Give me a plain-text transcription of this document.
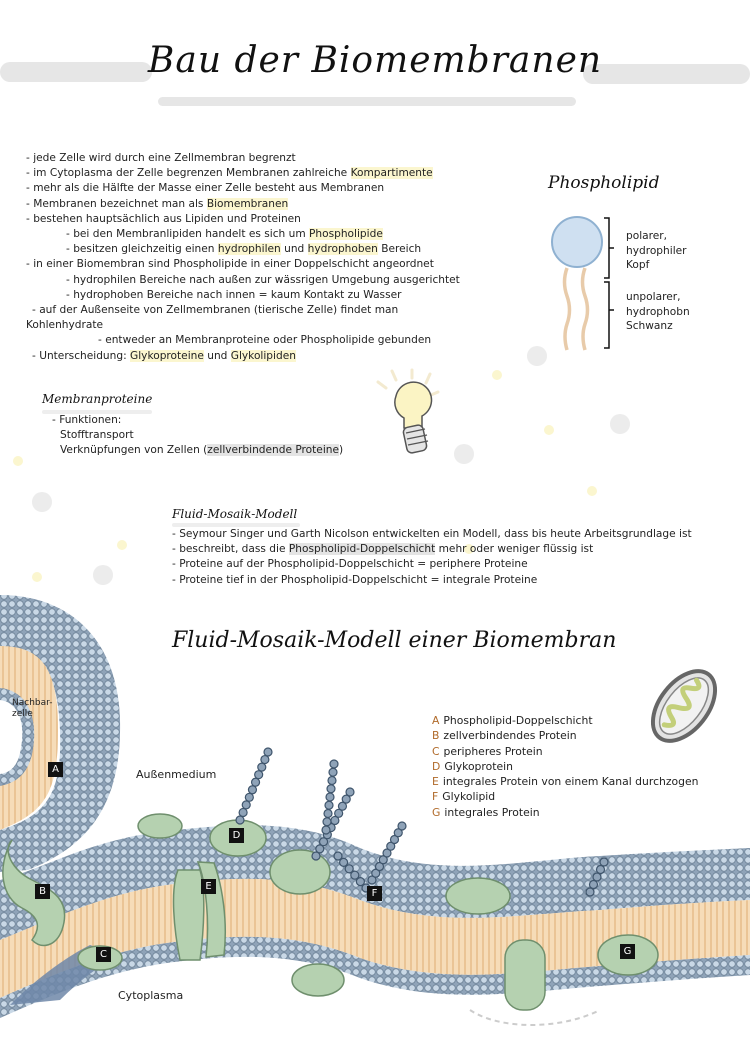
Bau der Biomembranen
- jede Zelle wird durch eine Zellmembran begrenzt
- im Cytoplasma der Zelle begrenzen Membranen zahlreiche Kompartimente
- mehr als die Hälfte der Masse einer Zelle besteht aus Membranen
- Membranen bezeichnet man als Biomembranen
- bestehen hauptsächlich aus Lipiden und Proteinen
- bei den Membranlipiden handelt es sich um Phospholipide
- besitzen gleichzeitig einen hydrophilen und hydrophoben Bereich
- in einer Biomembran sind Phospholipide in einer Doppelschicht angeordnet
- hydrophilen Bereiche nach außen zur wässrigen Umgebung ausgerichtet
- hydrophoben Bereiche nach innen = kaum Kontakt zu Wasser
- auf der Außenseite von Zellmembranen (tierische Zelle) findet man
Kohlenhydrate
- entweder an Membranproteine oder Phospholipide gebunden
- Unterscheidung: Glykoproteine und Glykolipiden
Phospholipid
polarer,
hydrophiler
Kopf
unpolarer,
hydrophobn
Schwanz
Membranproteine
- Funktionen:
Stofftransport
Verknüpfungen von Zellen (zellverbindende Proteine)
Fluid-Mosaik-Modell
- Seymour Singer und Garth Nicolson entwickelten ein Modell, dass bis heute Arbeitsgrundlage ist
- beschreibt, dass die Phospholipid-Doppelschicht mehr oder weniger flüssig ist
- Proteine auf der Phospholipid-Doppelschicht = periphere Proteine
- Proteine tief in der Phospholipid-Doppelschicht = integrale Proteine
Fluid-Mosaik-Modell einer Biomembran
A Phospholipid-Doppelschicht
B zellverbindendes Protein
C peripheres Protein
D Glykoprotein
E integrales Protein von einem Kanal durchzogen
F Glykolipid
G integrales Protein
Nachbar-
zelle
Außenmedium
Cytoplasma
A
B
C
D
E
F
G
